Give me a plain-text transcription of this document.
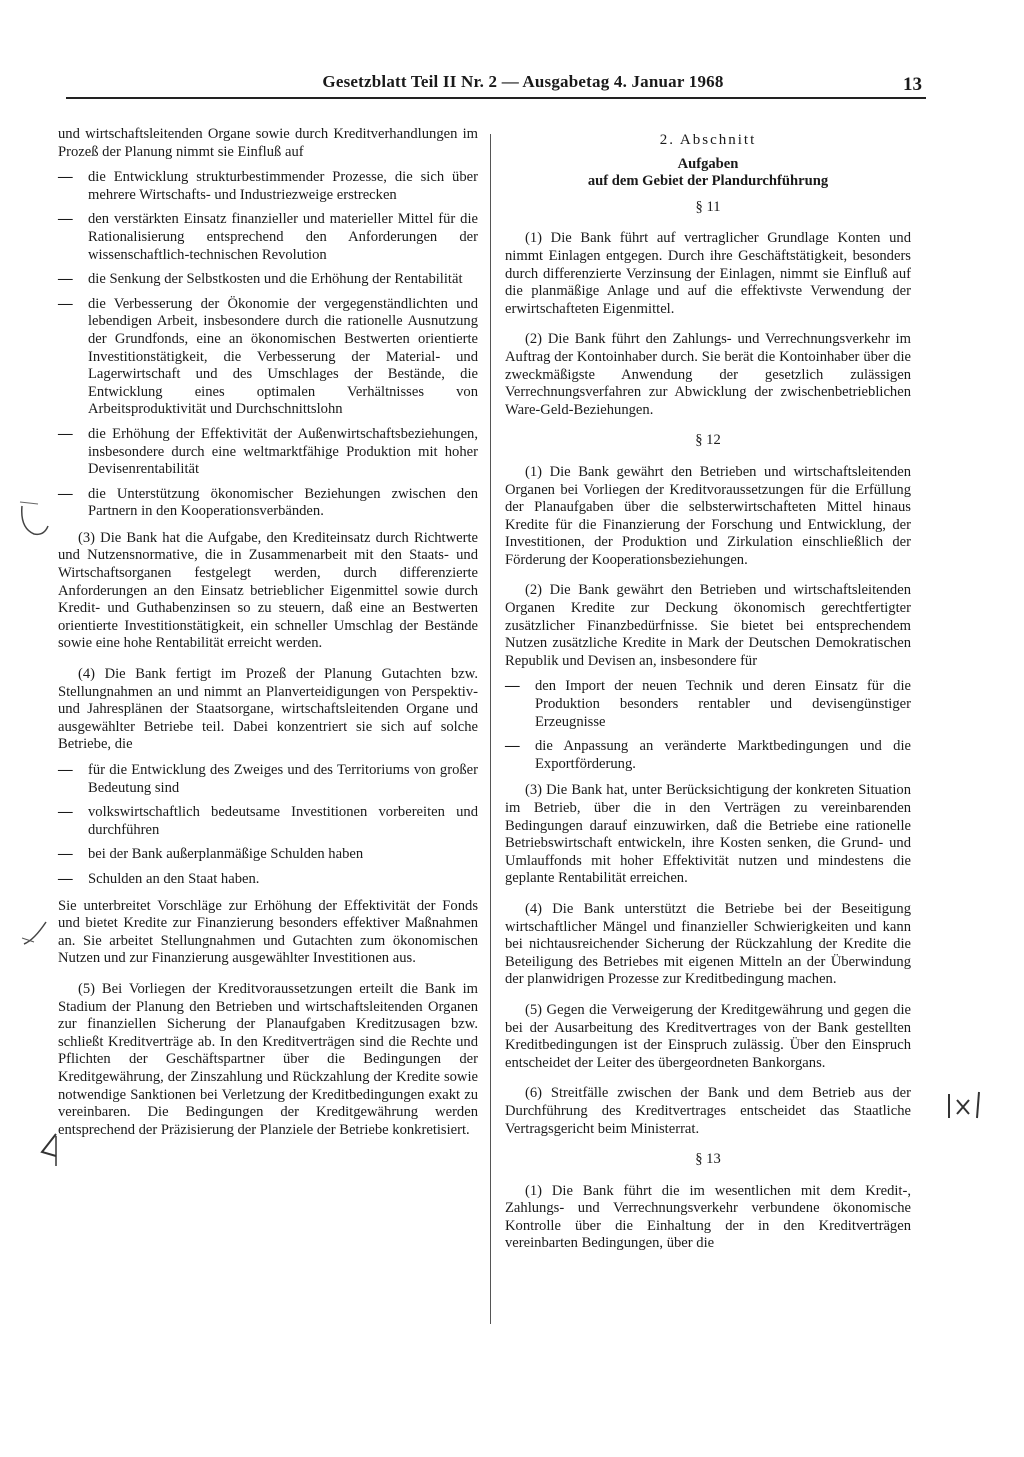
Gesetzblatt Teil II Nr. 2 — Ausgabetag 4. Januar 1968	13

und wirtschaftsleitenden Organe sowie durch Kreditverhandlungen im Prozeß der Planung nimmt sie Einfluß auf

— die Entwicklung strukturbestimmender Prozesse, die sich über mehrere Wirtschafts- und Industriezweige erstrecken
— den verstärkten Einsatz finanzieller und materieller Mittel für die Rationalisierung entsprechend den Anforderungen der wissenschaftlich-technischen Revolution
— die Senkung der Selbstkosten und die Erhöhung der Rentabilität
— die Verbesserung der Ökonomie der vergegenständlichten und lebendigen Arbeit, insbesondere durch die rationelle Ausnutzung der Grundfonds, eine an ökonomischen Bestwerten orientierte Investitionstätigkeit, die Verbesserung der Material- und Lagerwirtschaft und des Umschlages der Bestände, die Entwicklung eines optimalen Verhältnisses von Arbeitsproduktivität und Durchschnittslohn
— die Erhöhung der Effektivität der Außenwirtschaftsbeziehungen, insbesondere durch eine weltmarktfähige Produktion mit hoher Devisenrentabilität
— die Unterstützung ökonomischer Beziehungen zwischen den Partnern in den Kooperationsverbänden.

(3) Die Bank hat die Aufgabe, den Krediteinsatz durch Richtwerte und Nutzensnormative, die in Zusammenarbeit mit den Staats- und Wirtschaftsorganen festgelegt werden, durch differenzierte Anforderungen an den Einsatz betrieblicher Eigenmittel sowie durch Kredit- und Guthabenzinsen so zu steuern, daß eine an Bestwerten orientierte Investitionstätigkeit, ein schneller Umschlag der Bestände sowie eine hohe Rentabilität erreicht werden.

(4) Die Bank fertigt im Prozeß der Planung Gutachten bzw. Stellungnahmen an und nimmt an Planverteidigungen von Perspektiv- und Jahresplänen der Staatsorgane, wirtschaftsleitenden Organe und ausgewählter Betriebe teil. Dabei konzentriert sie sich auf solche Betriebe, die

— für die Entwicklung des Zweiges und des Territoriums von großer Bedeutung sind
— volkswirtschaftlich bedeutsame Investitionen vorbereiten und durchführen
— bei der Bank außerplanmäßige Schulden haben
— Schulden an den Staat haben.

Sie unterbreitet Vorschläge zur Erhöhung der Effektivität der Fonds und bietet Kredite zur Finanzierung besonders effektiver Maßnahmen an. Sie arbeitet Stellungnahmen und Gutachten zum ökonomischen Nutzen und zur Finanzierung ausgewählter Investitionen aus.

(5) Bei Vorliegen der Kreditvoraussetzungen erteilt die Bank im Stadium der Planung den Betrieben und wirtschaftsleitenden Organen zur finanziellen Sicherung der Planaufgaben Kreditzusagen bzw. schließt Kreditverträge ab. In den Kreditverträgen sind die Rechte und Pflichten der Geschäftspartner über die Bedingungen der Kreditgewährung, der Zinszahlung und Rückzahlung der Kredite sowie notwendige Sanktionen bei Verletzung der Kreditbedingungen exakt zu vereinbaren. Die Bedingungen der Kreditgewährung werden entsprechend der Präzisierung der Planziele der Betriebe konkretisiert.

2. Abschnitt
Aufgaben
auf dem Gebiet der Plandurchführung
§ 11

(1) Die Bank führt auf vertraglicher Grundlage Konten und nimmt Einlagen entgegen. Durch ihre Geschäftstätigkeit, besonders durch differenzierte Verzinsung der Einlagen, nimmt sie Einfluß auf die planmäßige Anlage und auf die effektivste Verwendung der erwirtschafteten Eigenmittel.

(2) Die Bank führt den Zahlungs- und Verrechnungsverkehr im Auftrag der Kontoinhaber durch. Sie berät die Kontoinhaber über die zweckmäßigste Anwendung der gesetzlich zulässigen Verrechnungsverfahren zur Abwicklung der zwischenbetrieblichen Ware-Geld-Beziehungen.

§ 12

(1) Die Bank gewährt den Betrieben und wirtschaftsleitenden Organen bei Vorliegen der Kreditvoraussetzungen für die Erfüllung der Planaufgaben über die selbsterwirtschafteten Mittel hinaus Kredite für die Finanzierung der Forschung und Entwicklung, der Investitionen, der Produktion und Zirkulation einschließlich der Förderung der Kooperationsbeziehungen.

(2) Die Bank gewährt den Betrieben und wirtschaftsleitenden Organen Kredite zur Deckung ökonomisch gerechtfertigter zusätzlicher Finanzbedürfnisse. Sie bietet bei entsprechendem Nutzen zusätzliche Kredite in Mark der Deutschen Demokratischen Republik und Devisen an, insbesondere für

— den Import der neuen Technik und deren Einsatz für die Produktion besonders rentabler und devisengünstiger Erzeugnisse
— die Anpassung an veränderte Marktbedingungen und die Exportförderung.

(3) Die Bank hat, unter Berücksichtigung der konkreten Situation im Betrieb, über die in den Verträgen zu vereinbarenden Bedingungen darauf einzuwirken, daß die Betriebe eine rationelle Betriebswirtschaft entwickeln, ihre Kosten senken, die Grund- und Umlauffonds mit hoher Effektivität nutzen und mindestens die geplante Rentabilität erreichen.

(4) Die Bank unterstützt die Betriebe bei der Beseitigung wirtschaftlicher Mängel und finanzieller Schwierigkeiten und kann bei nichtausreichender Sicherung der Rückzahlung der Kredite die Beteiligung des Betriebes mit eigenen Mitteln an der Überwindung der planwidrigen Prozesse zur Kreditbedingung machen.

(5) Gegen die Verweigerung der Kreditgewährung und gegen die bei der Ausarbeitung des Kreditvertrages von der Bank gestellten Kreditbedingungen ist der Einspruch zulässig. Über den Einspruch entscheidet der Leiter des übergeordneten Bankorgans.

(6) Streitfälle zwischen der Bank und dem Betrieb aus der Durchführung des Kreditvertrages entscheidet das Staatliche Vertragsgericht beim Ministerrat.

§ 13

(1) Die Bank führt die im wesentlichen mit dem Kredit-, Zahlungs- und Verrechnungsverkehr verbundene ökonomische Kontrolle über die Einhaltung der in den Kreditverträgen vereinbarten Bedingungen, über die
